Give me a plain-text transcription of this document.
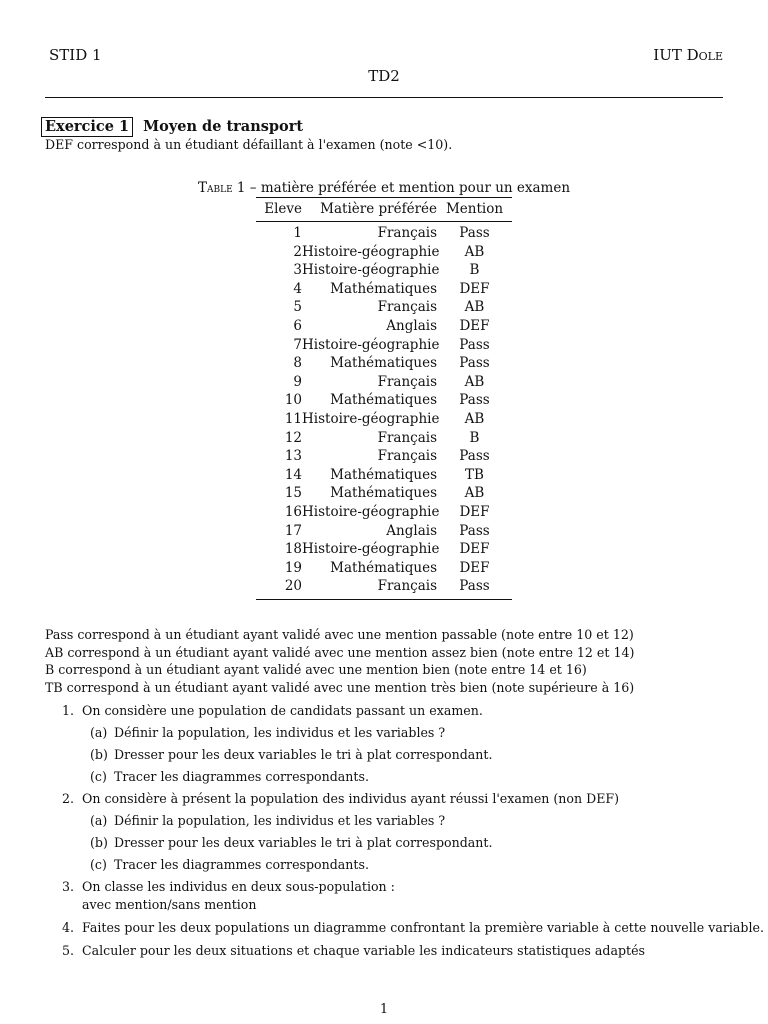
STID 1	IUT Dole
TD2
Exercice 1 Moyen de transport
DEF correspond à un étudiant défaillant à l'examen (note <10).
Table 1 – matière préférée et mention pour un examen
Eleve	Matière préférée Mention
1	Français	Pass
2 Histoire-géographie	AB
3 Histoire-géographie	B
4	Mathématiques	DEF
5	Français	AB
6	Anglais	DEF
7 Histoire-géographie	Pass
8	Mathématiques	Pass
9	Français	AB
10	Mathématiques	Pass
11 Histoire-géographie	AB
12	Français	B
13	Français	Pass
14	Mathématiques	TB
15	Mathématiques	AB
16 Histoire-géographie	DEF
17	Anglais	Pass
18 Histoire-géographie	DEF
19	Mathématiques	DEF
20	Français	Pass
Pass correspond à un étudiant ayant validé avec une mention passable (note entre 10 et 12)
AB correspond à un étudiant ayant validé avec une mention assez bien (note entre 12 et 14)
B correspond à un étudiant ayant validé avec une mention bien (note entre 14 et 16)
TB correspond à un étudiant ayant validé avec une mention très bien (note supérieure à 16)
1. On considère une population de candidats passant un examen.
(a) Définir la population, les individus et les variables ?
(b) Dresser pour les deux variables le tri à plat correspondant.
(c) Tracer les diagrammes correspondants.
2. On considère à présent la population des individus ayant réussi l'examen (non DEF)
(a) Définir la population, les individus et les variables ?
(b) Dresser pour les deux variables le tri à plat correspondant.
(c) Tracer les diagrammes correspondants.
3. On classe les individus en deux sous-population :
avec mention/sans mention
4. Faites pour les deux populations un diagramme confrontant la première variable à cette nouvelle variable.
5. Calculer pour les deux situations et chaque variable les indicateurs statistiques adaptés
1
